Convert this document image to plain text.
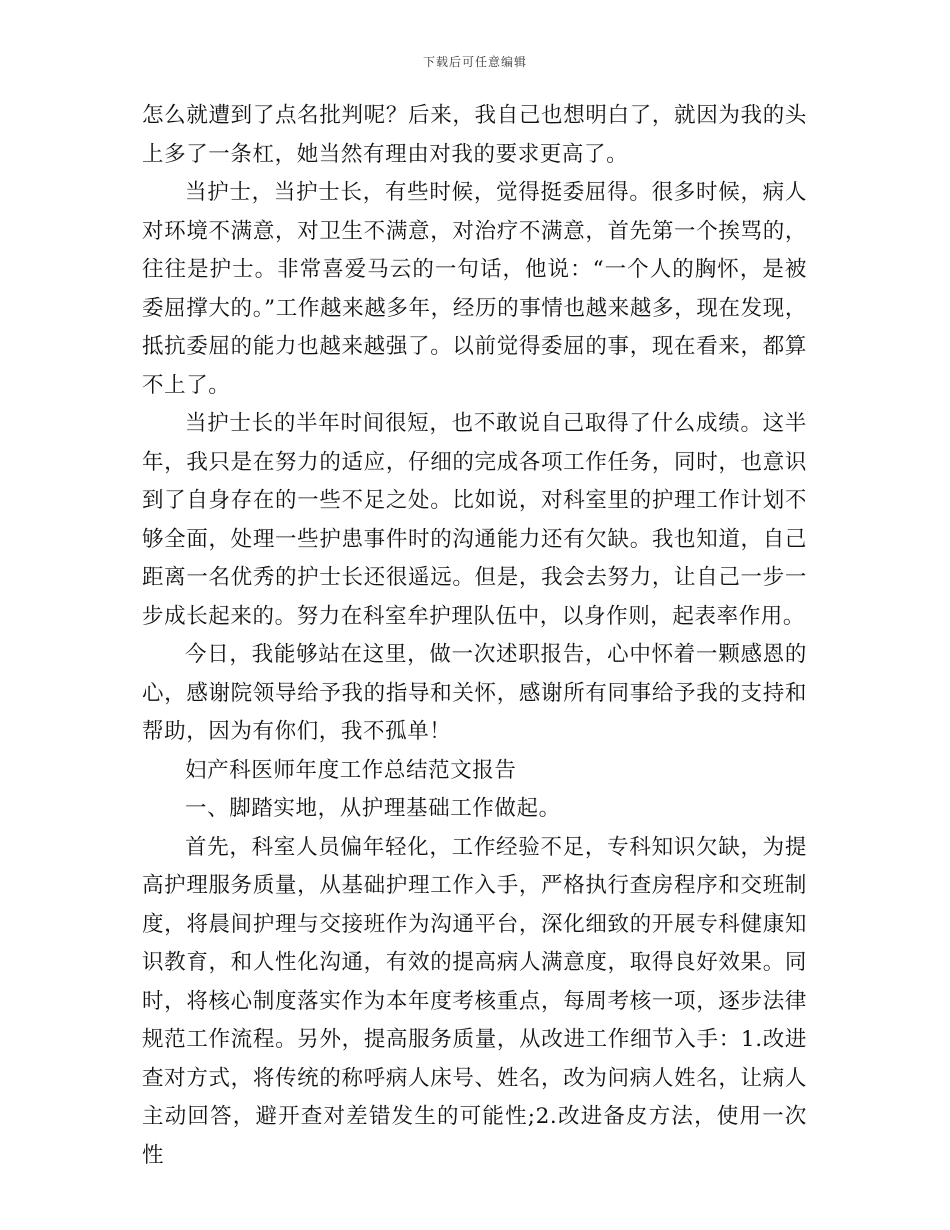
下载后可任意编辑

怎么就遭到了点名批判呢？后来，我自己也想明白了，就因为我的头上多了一条杠，她当然有理由对我的要求更高了。

当护士，当护士长，有些时候，觉得挺委屈得。很多时候，病人对环境不满意，对卫生不满意，对治疗不满意，首先第一个挨骂的，往往是护士。非常喜爱马云的一句话，他说：“一个人的胸怀，是被委屈撑大的。”工作越来越多年，经历的事情也越来越多，现在发现，抵抗委屈的能力也越来越强了。以前觉得委屈的事，现在看来，都算不上了。

当护士长的半年时间很短，也不敢说自己取得了什么成绩。这半年，我只是在努力的适应，仔细的完成各项工作任务，同时，也意识到了自身存在的一些不足之处。比如说，对科室里的护理工作计划不够全面，处理一些护患事件时的沟通能力还有欠缺。我也知道，自己距离一名优秀的护士长还很遥远。但是，我会去努力，让自己一步一步成长起来的。努力在科室牟护理队伍中，以身作则，起表率作用。

今日，我能够站在这里，做一次述职报告，心中怀着一颗感恩的心，感谢院领导给予我的指导和关怀，感谢所有同事给予我的支持和帮助，因为有你们，我不孤单！

妇产科医师年度工作总结范文报告

一、脚踏实地，从护理基础工作做起。

首先，科室人员偏年轻化，工作经验不足，专科知识欠缺，为提高护理服务质量，从基础护理工作入手，严格执行查房程序和交班制度，将晨间护理与交接班作为沟通平台，深化细致的开展专科健康知识教育，和人性化沟通，有效的提高病人满意度，取得良好效果。同时，将核心制度落实作为本年度考核重点，每周考核一项，逐步法律规范工作流程。另外，提高服务质量，从改进工作细节入手：1.改进查对方式，将传统的称呼病人床号、姓名，改为问病人姓名，让病人主动回答，避开查对差错发生的可能性;2.改进备皮方法，使用一次性
